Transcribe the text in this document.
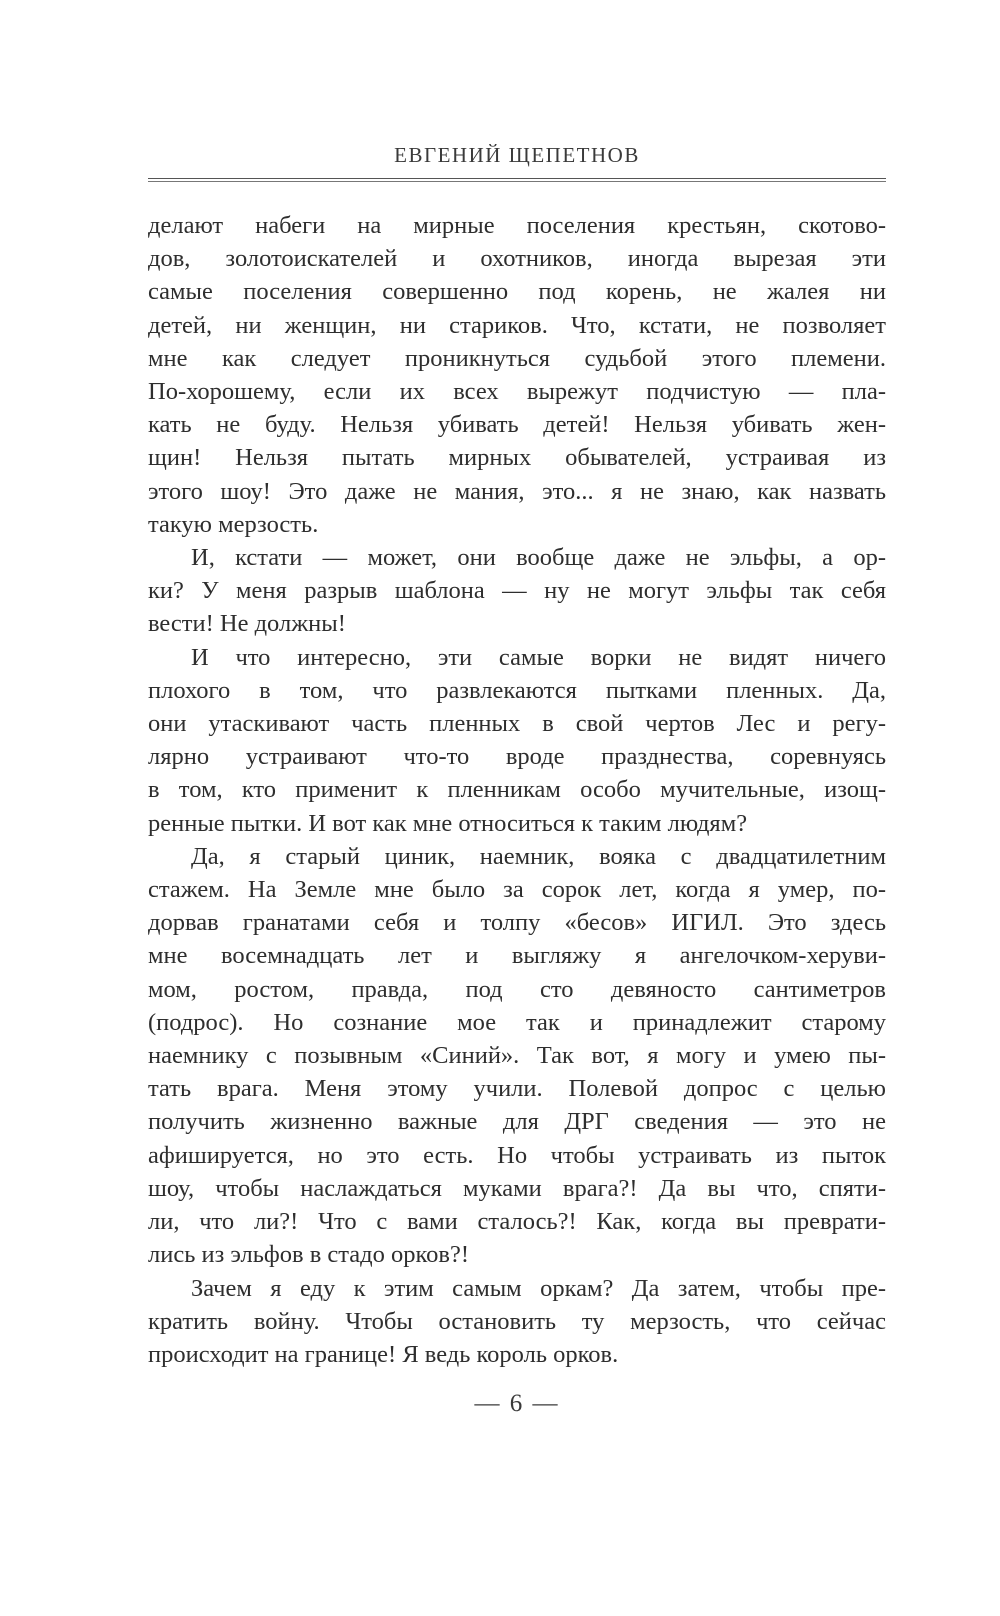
ЕВГЕНИЙ ЩЕПЕТНОВ
делают набеги на мирные поселения крестьян, скотово-
дов, золотоискателей и охотников, иногда вырезая эти
самые поселения совершенно под корень, не жалея ни
детей, ни женщин, ни стариков. Что, кстати, не позволяет
мне как следует проникнуться судьбой этого племени.
По-хорошему, если их всех вырежут подчистую — пла-
кать не буду. Нельзя убивать детей! Нельзя убивать жен-
щин! Нельзя пытать мирных обывателей, устраивая из
этого шоу! Это даже не мания, это... я не знаю, как назвать
такую мерзость.
И, кстати — может, они вообще даже не эльфы, а ор-
ки? У меня разрыв шаблона — ну не могут эльфы так себя
вести! Не должны!
И что интересно, эти самые ворки не видят ничего
плохого в том, что развлекаются пытками пленных. Да,
они утаскивают часть пленных в свой чертов Лес и регу-
лярно устраивают что-то вроде празднества, соревнуясь
в том, кто применит к пленникам особо мучительные, изощ-
ренные пытки. И вот как мне относиться к таким людям?
Да, я старый циник, наемник, вояка с двадцатилетним
стажем. На Земле мне было за сорок лет, когда я умер, по-
дорвав гранатами себя и толпу «бесов» ИГИЛ. Это здесь
мне восемнадцать лет и выгляжу я ангелочком-херуви-
мом, ростом, правда, под сто девяносто сантиметров
(подрос). Но сознание мое так и принадлежит старому
наемнику с позывным «Синий». Так вот, я могу и умею пы-
тать врага. Меня этому учили. Полевой допрос с целью
получить жизненно важные для ДРГ сведения — это не
афишируется, но это есть. Но чтобы устраивать из пыток
шоу, чтобы наслаждаться муками врага?! Да вы что, спяти-
ли, что ли?! Что с вами сталось?! Как, когда вы преврати-
лись из эльфов в стадо орков?!
Зачем я еду к этим самым оркам? Да затем, чтобы пре-
кратить войну. Чтобы остановить ту мерзость, что сейчас
происходит на границе! Я ведь король орков.
— 6 —
